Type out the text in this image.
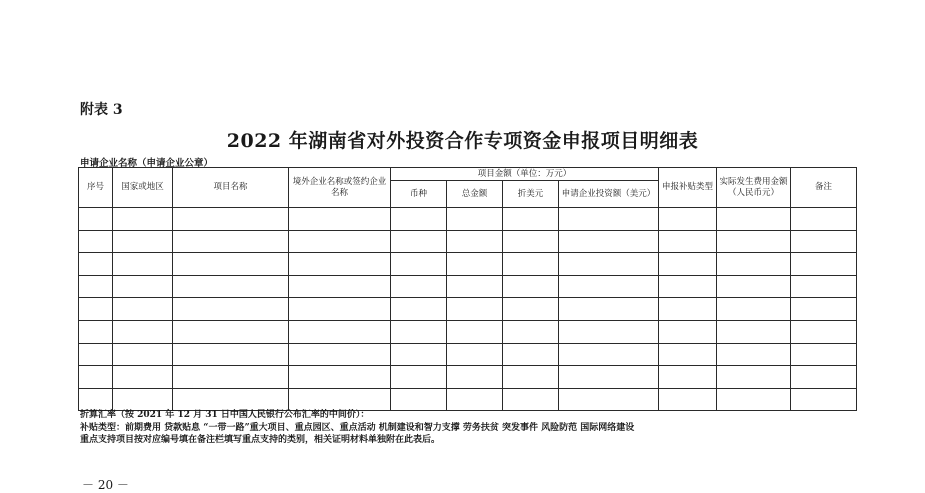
附表 3
2022 年湖南省对外投资合作专项资金申报项目明细表
申请企业名称（申请企业公章）
序号	国家或地区	项目名称	境外企业名称或签约企业名称	项目金额（单位：万元）				申报补贴类型	实际发生费用金额（人民币元）	备注
				币种	总金额	折美元	申请企业投资额（美元）			

折算汇率（按 2021 年 12 月 31 日中国人民银行公布汇率的中间价）：
补贴类型：前期费用 贷款贴息 “一带一路”重大项目、重点园区、重点活动 机制建设和智力支撑 劳务扶贫 突发事件 风险防范 国际网络建设
重点支持项目按对应编号填在备注栏填写重点支持的类别，相关证明材料单独附在此表后。
－ 20 －
